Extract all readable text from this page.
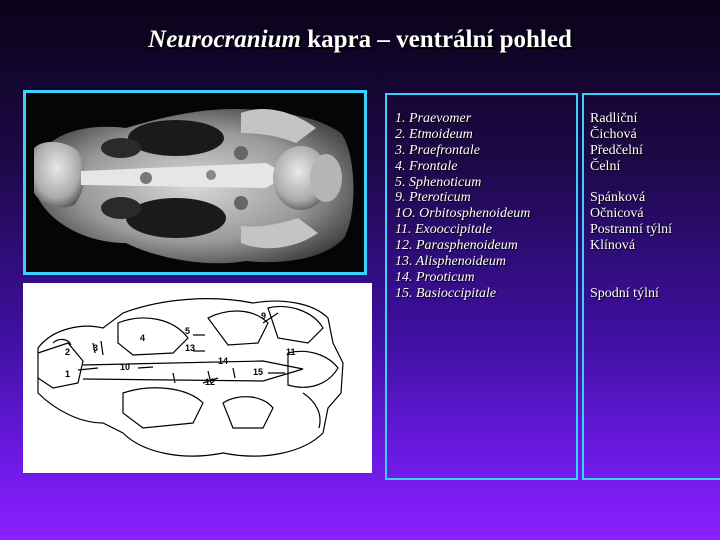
Neurocranium kapra – ventrální pohled
1
2	3
4
5
9
10
11
12
13
14
15
1. Praevomer
2. Etmoideum
3. Praefrontale
4. Frontale
5. Sphenoticum
9. Pteroticum
1O. Orbitosphenoideum
11. Exooccipitale
12. Parasphenoideum
13. Alisphenoideum
14. Prooticum
15. Basioccipitale
Radliční
Čichová
Předčelní
Čelní
Spánková
Očnicová
Postranní týlní
Klínová
Spodní týlní
